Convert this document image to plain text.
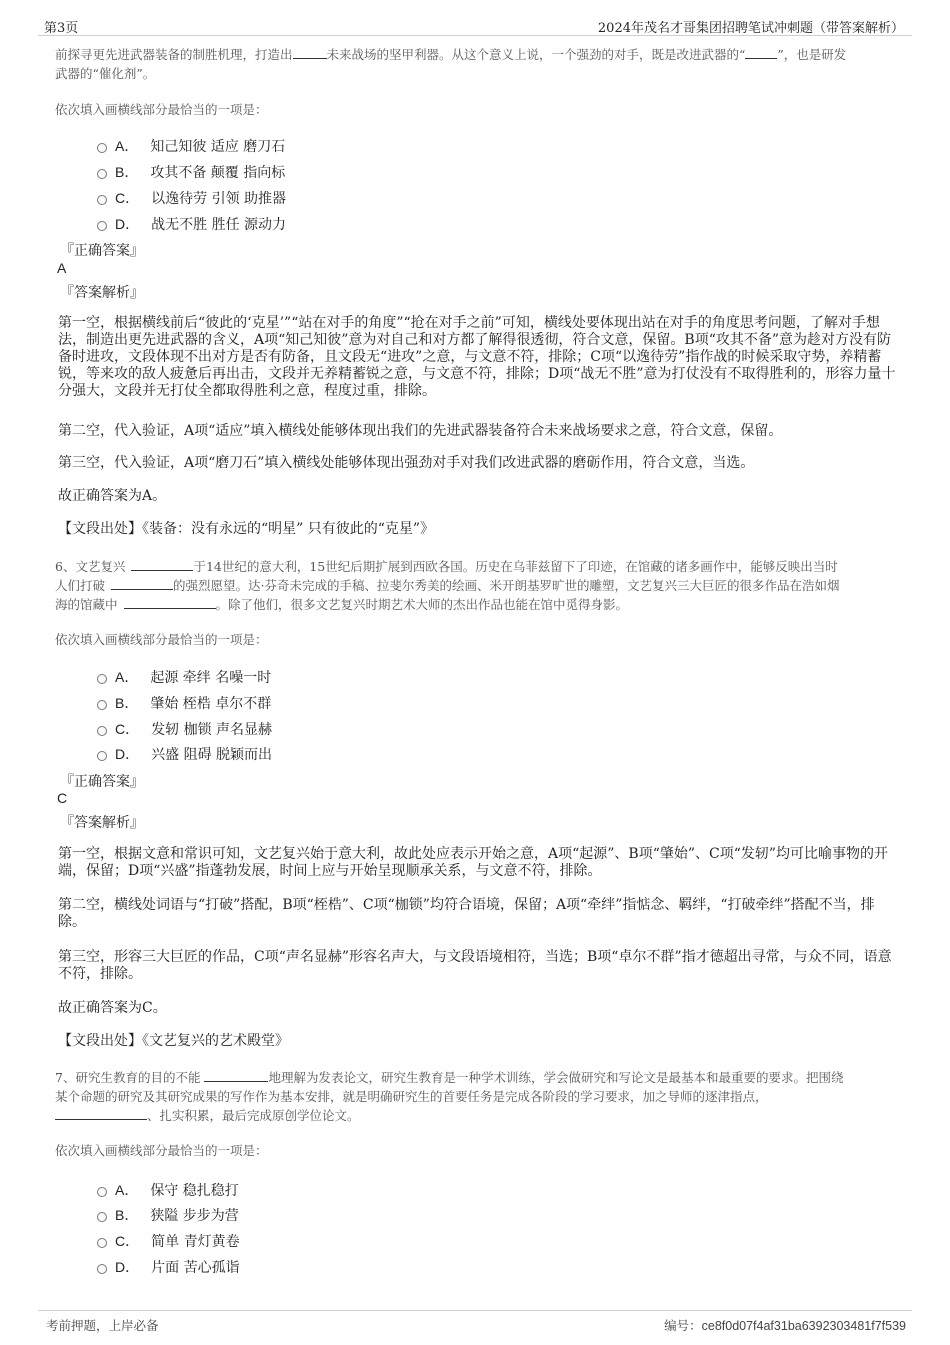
第3页	2024年茂名才哥集团招聘笔试冲刺题（带答案解析）
前探寻更先进武器装备的制胜机理，打造出	未来战场的坚甲利器。从这个意义上说，一个强劲的对手，既是改进武器的“	”，也是研发
武器的“催化剂”。
依次填入画横线部分最恰当的一项是：
A． 知己知彼 适应 磨刀石
B． 攻其不备 颠覆 指向标
C． 以逸待劳 引领 助推器
D． 战无不胜 胜任 源动力
『正确答案』
A
『答案解析』
第一空，根据横线前后“彼此的‘克星’”“站在对手的角度”“抢在对手之前”可知，横线处要体现出站在对手的角度思考问题，了解对手想法，制造出更先进武器的含义，A项“知己知彼”意为对自己和对方都了解得很透彻，符合文意，保留。B项“攻其不备”意为趁对方没有防备时进攻，文段体现不出对方是否有防备，且文段无“进攻”之意，与文意不符，排除；C项“以逸待劳”指作战的时候采取守势，养精蓄锐，等来攻的敌人疲惫后再出击，文段并无养精蓄锐之意，与文意不符，排除；D项“战无不胜”意为打仗没有不取得胜利的，形容力量十分强大，文段并无打仗全都取得胜利之意，程度过重，排除。
第二空，代入验证，A项“适应”填入横线处能够体现出我们的先进武器装备符合未来战场要求之意，符合文意，保留。
第三空，代入验证，A项“磨刀石”填入横线处能够体现出强劲对手对我们改进武器的磨砺作用，符合文意，当选。
故正确答案为A。
【文段出处】《装备：没有永远的“明星” 只有彼此的“克星”》
6、文艺复兴	于14世纪的意大利，15世纪后期扩展到西欧各国。历史在乌菲兹留下了印迹，在馆藏的诸多画作中，能够反映出当时
人们打破	的强烈愿望。达·芬奇未完成的手稿、拉斐尔秀美的绘画、米开朗基罗旷世的雕塑，文艺复兴三大巨匠的很多作品在浩如烟
海的馆藏中	。除了他们，很多文艺复兴时期艺术大师的杰出作品也能在馆中觅得身影。
依次填入画横线部分最恰当的一项是：
A． 起源 牵绊 名噪一时
B． 肇始 桎梏 卓尔不群
C． 发轫 枷锁 声名显赫
D． 兴盛 阻碍 脱颖而出
『正确答案』
C
『答案解析』
第一空，根据文意和常识可知，文艺复兴始于意大利，故此处应表示开始之意，A项“起源”、B项“肇始”、C项“发轫”均可比喻事物的开端，保留；D项“兴盛”指蓬勃发展，时间上应与开始呈现顺承关系，与文意不符，排除。
第二空，横线处词语与“打破”搭配，B项“桎梏”、C项“枷锁”均符合语境，保留；A项“牵绊”指惦念、羁绊，“打破牵绊”搭配不当，排除。
第三空，形容三大巨匠的作品，C项“声名显赫”形容名声大，与文段语境相符，当选；B项“卓尔不群”指才德超出寻常，与众不同，语意不符，排除。
故正确答案为C。
【文段出处】《文艺复兴的艺术殿堂》
7、研究生教育的目的不能	地理解为发表论文，研究生教育是一种学术训练，学会做研究和写论文是最基本和最重要的要求。把围绕
某个命题的研究及其研究成果的写作作为基本安排，就是明确研究生的首要任务是完成各阶段的学习要求，加之导师的逐津指点，
、扎实积累，最后完成原创学位论文。
依次填入画横线部分最恰当的一项是：
A． 保守 稳扎稳打
B． 狭隘 步步为营
C． 简单 青灯黄卷
D． 片面 苦心孤诣
考前押题，上岸必备	编号：ce8f0d07f4af31ba6392303481f7f539
